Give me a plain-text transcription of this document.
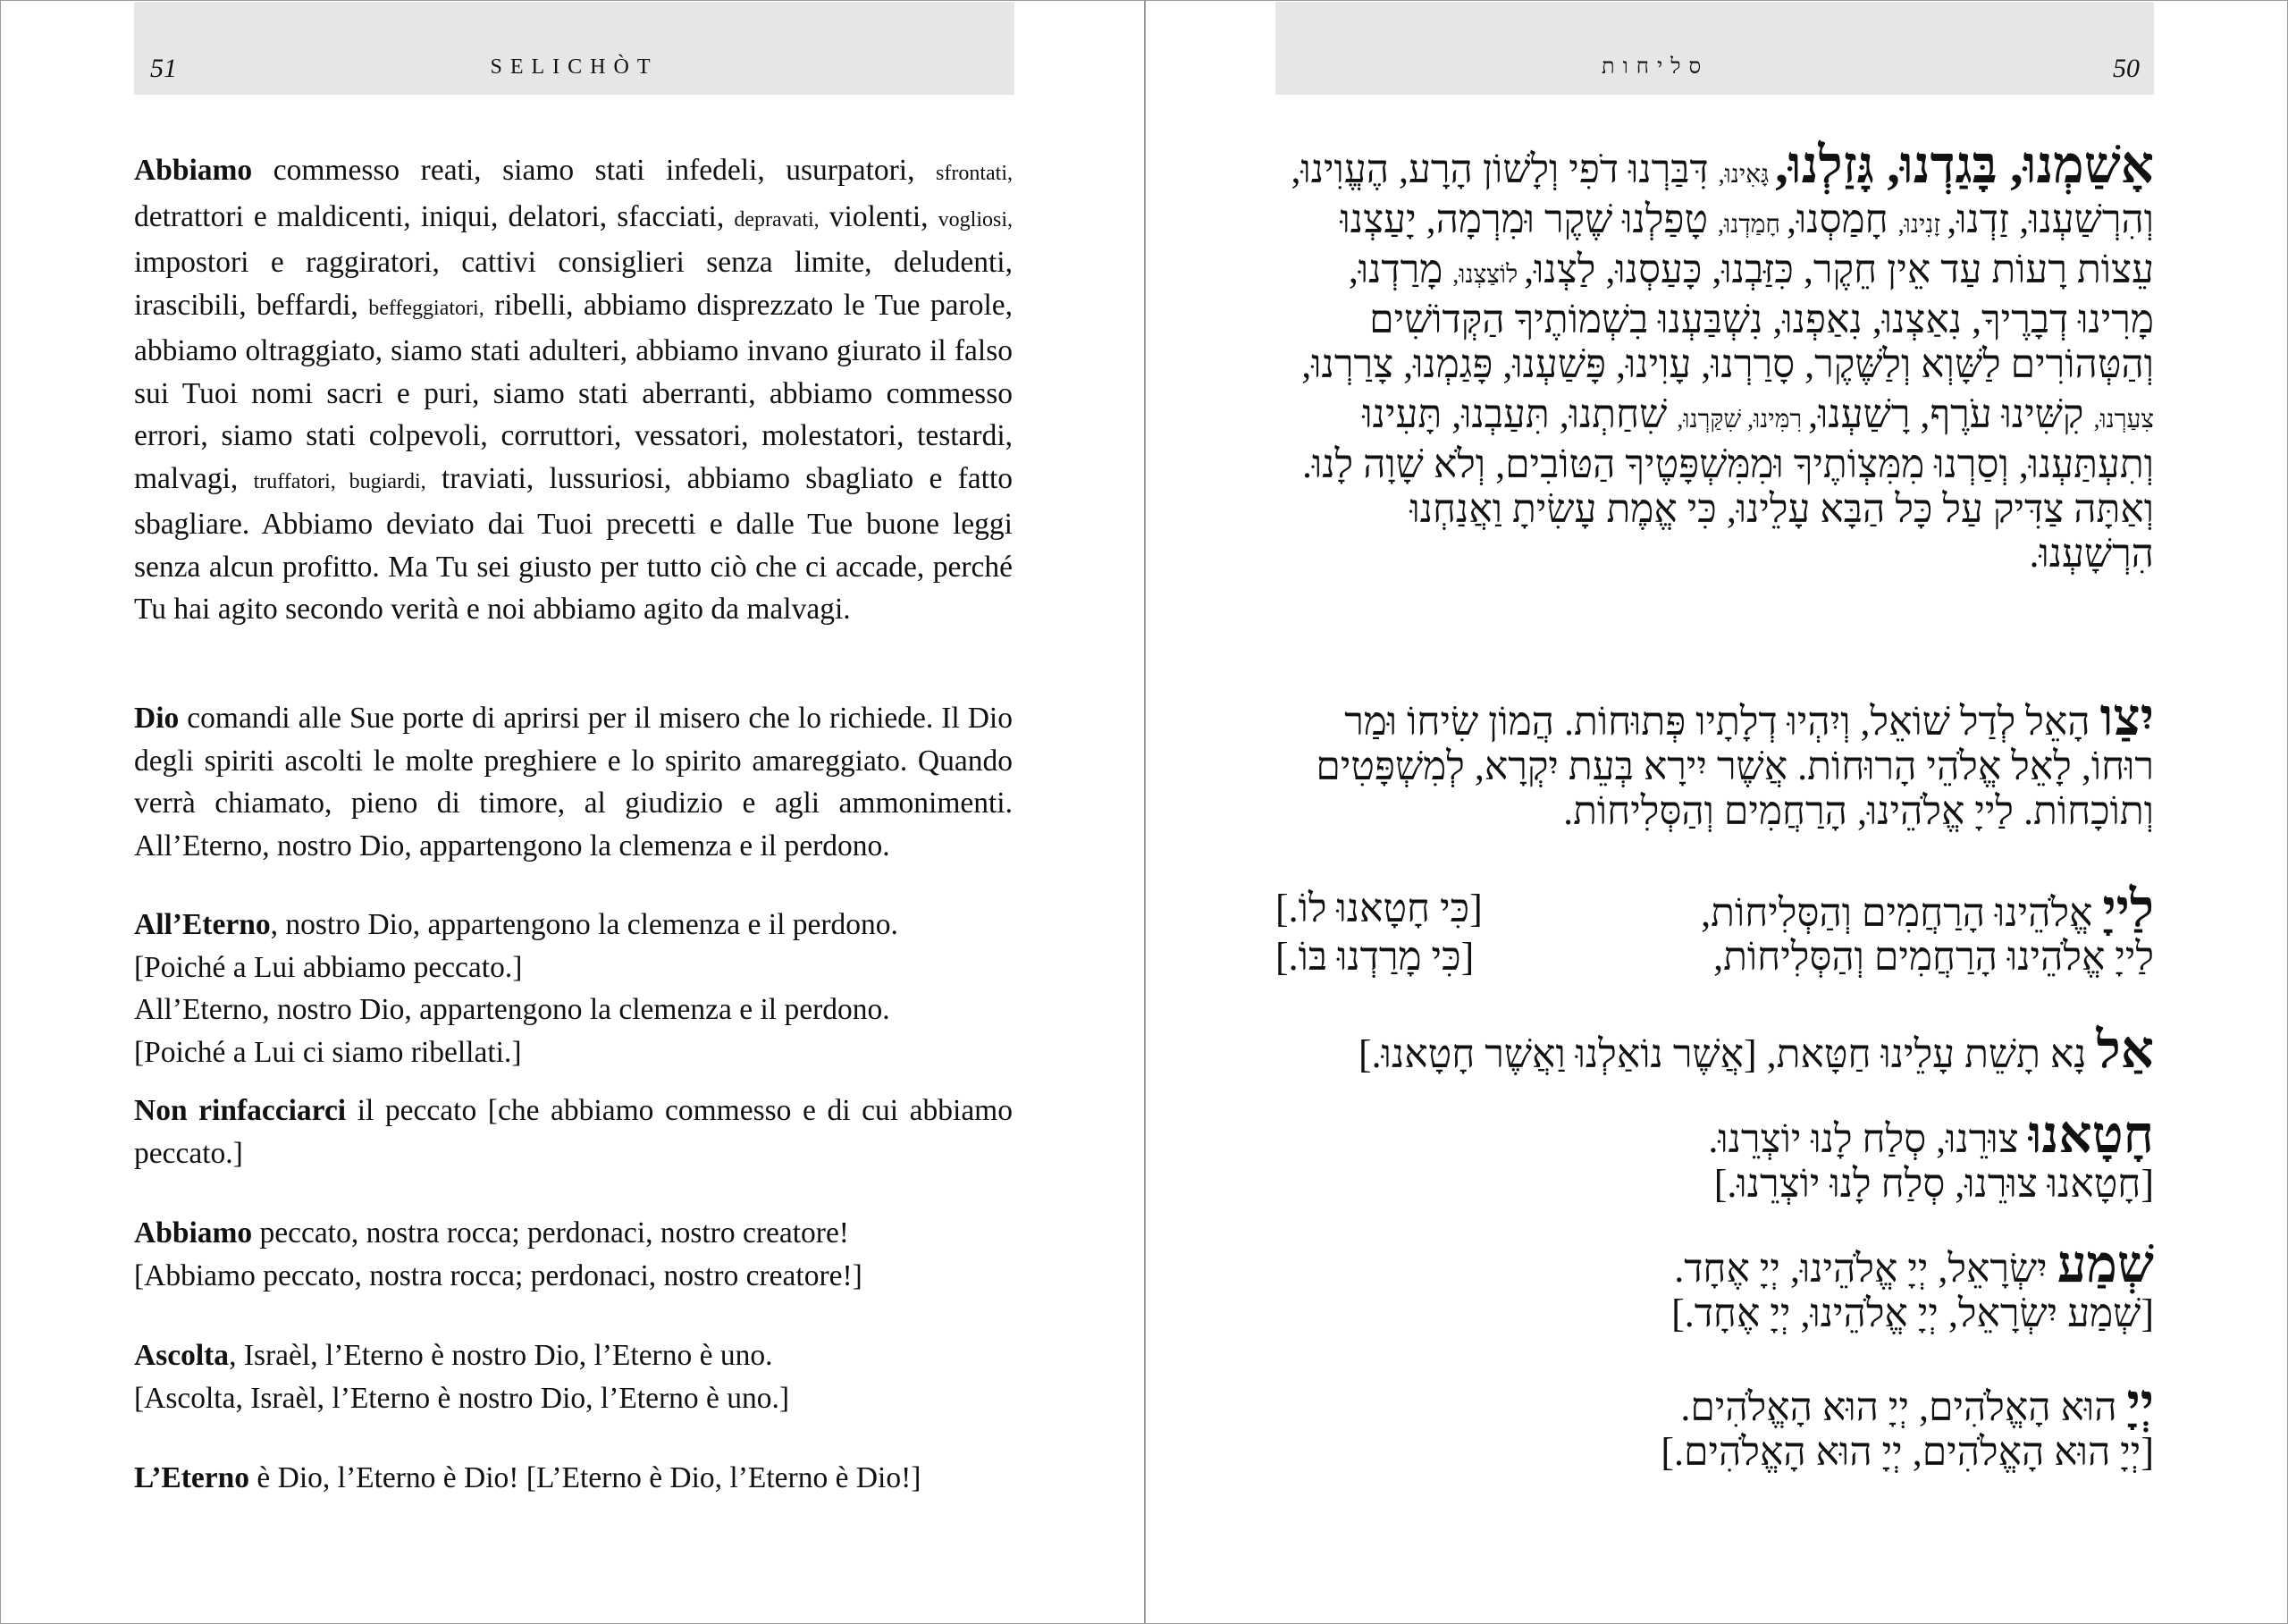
51	SELICHÒT	50
סליחות

Abbiamo commesso reati, siamo stati infedeli, usurpatori, sfrontati, detrattori e maldicenti, iniqui, delatori, sfacciati, depravati, violenti, vogliosi, impostori e raggiratori, cattivi consiglieri senza limite, deludenti, irascibili, beffardi, beffeggiatori, ribelli, abbiamo disprezzato le Tue parole, abbiamo oltraggiato, siamo stati adulteri, abbiamo invano giurato il falso sui Tuoi nomi sacri e puri, siamo stati aberranti, abbiamo commesso errori, siamo stati colpevoli, corruttori, vessatori, molestatori, testardi, malvagi, truffatori, bugiardi, traviati, lussuriosi, abbiamo sbagliato e fatto sbagliare. Abbiamo deviato dai Tuoi precetti e dalle Tue buone leggi senza alcun profitto. Ma Tu sei giusto per tutto ciò che ci accade, perché Tu hai agito secondo verità e noi abbiamo agito da malvagi.

Dio comandi alle Sue porte di aprirsi per il misero che lo richiede. Il Dio degli spiriti ascolti le molte preghiere e lo spirito amareggiato. Quando verrà chiamato, pieno di timore, al giudizio e agli ammonimenti. All’Eterno, nostro Dio, appartengono la clemenza e il perdono.

All’Eterno, nostro Dio, appartengono la clemenza e il perdono.

[Poiché a Lui abbiamo peccato.]

All’Eterno, nostro Dio, appartengono la clemenza e il perdono.

[Poiché a Lui ci siamo ribellati.]

Non rinfacciarci il peccato [che abbiamo commesso e di cui abbiamo peccato.]

Abbiamo peccato, nostra rocca; perdonaci, nostro creatore!

[Abbiamo peccato, nostra rocca; perdonaci, nostro creatore!]

Ascolta, Israèl, l’Eterno è nostro Dio, l’Eterno è uno.

[Ascolta, Israèl, l’Eterno è nostro Dio, l’Eterno è uno.]

L’Eterno è Dio, l’Eterno è Dio! [L’Eterno è Dio, l’Eterno è Dio!]

אָשַׁמְנוּ, בָּגַדְנוּ, גָּזַלְנוּ, גָּאִינוּ, דִּבַּרְנוּ דֹפִי וְלָשׁוֹן הָרָע, הֶעֱוִינוּ, וְהִרְשַׁעְנוּ, זַדְנוּ, זָנִינוּ, חָמַסְנוּ, חָמַדְנוּ, טָפַלְנוּ שֶׁקֶר וּמִרְמָה, יָעַצְנוּ עֵצוֹת רָעוֹת עַד אֵין חֵקֶר, כִּזַּבְנוּ, כָּעַסְנוּ, לַצְנוּ, לוֹצַצְנוּ, מָרַדְנוּ, מָרִינוּ דְבָרֶיךָ, נִאַצְנוּ, נִאַפְנוּ, נִשְׁבַּעְנוּ בִשְׁמוֹתֶיךָ הַקְּדוֹשִׁים וְהַטְּהוֹרִים לַשָּׁוְא וְלַשֶּׁקֶר, סָרַרְנוּ, עָוִינוּ, פָּשַׁעְנוּ, פָּגַמְנוּ, צָרַרְנוּ, צִעַרְנוּ, קִשִּׁינוּ עֹרֶף, רָשַׁעְנוּ, רִמִּינוּ, שִׁקַּרְנוּ, שִׁחַתְנוּ, תִּעַבְנוּ, תָּעִינוּ וְתִעְתַּעְנוּ, וְסַרְנוּ מִמִּצְוֹתֶיךָ וּמִמִּשְׁפָּטֶיךָ הַטּוֹבִים, וְלֹא שָׁוָה לָנוּ. וְאַתָּה צַדִּיק עַל כָּל הַבָּא עָלֵינוּ, כִּי אֱמֶת עָשִׂיתָ וַאֲנַחְנוּ הִרְשָׁעְנוּ.
יִצַו הָאֵל לְדַל שׁוֹאֵל, וְיִהְיוּ דְלָתָיו פְּתוּחוֹת. הֲמוֹן שִׂיחוֹ וּמַר רוּחוֹ, לָאֵל אֱלֹהֵי הָרוּחוֹת. אֲשֶׁר יִירָא בְּעֵת יִקְרָא, לְמִשְׁפָּטִים וְתוֹכָחוֹת. לַייָ אֱלֹהֵינוּ, הָרַחֲמִים וְהַסְּלִיחוֹת.
לַייָ אֱלֹהֵינוּ הָרַחֲמִים וְהַסְּלִיחוֹת,
[כִּי חָטָאנוּ לוֹ.]
לַייָ אֱלֹהֵינוּ הָרַחֲמִים וְהַסְּלִיחוֹת,
[כִּי מָרַדְנוּ בּוֹ.]
אַל נָא תָשֵׁת עָלֵינוּ חַטָּאת, [אֲשֶׁר נוֹאַלְנוּ וַאֲשֶׁר חָטָאנוּ.]
חָטָאנוּ צוּרֵנוּ, סְלַח לָנוּ יוֹצְרֵנוּ.
[חָטָאנוּ צוּרֵנוּ, סְלַח לָנוּ יוֹצְרֵנוּ.]
שְׁמַע יִשְׂרָאֵל, יְיָ אֱלֹהֵינוּ, יְיָ אֶחָד.
[שְׁמַע יִשְׂרָאֵל, יְיָ אֱלֹהֵינוּ, יְיָ אֶחָד.]
יְיָ הוּא הָאֱלֹהִים, יְיָ הוּא הָאֱלֹהִים.
[יְיָ הוּא הָאֱלֹהִים, יְיָ הוּא הָאֱלֹהִים.]
